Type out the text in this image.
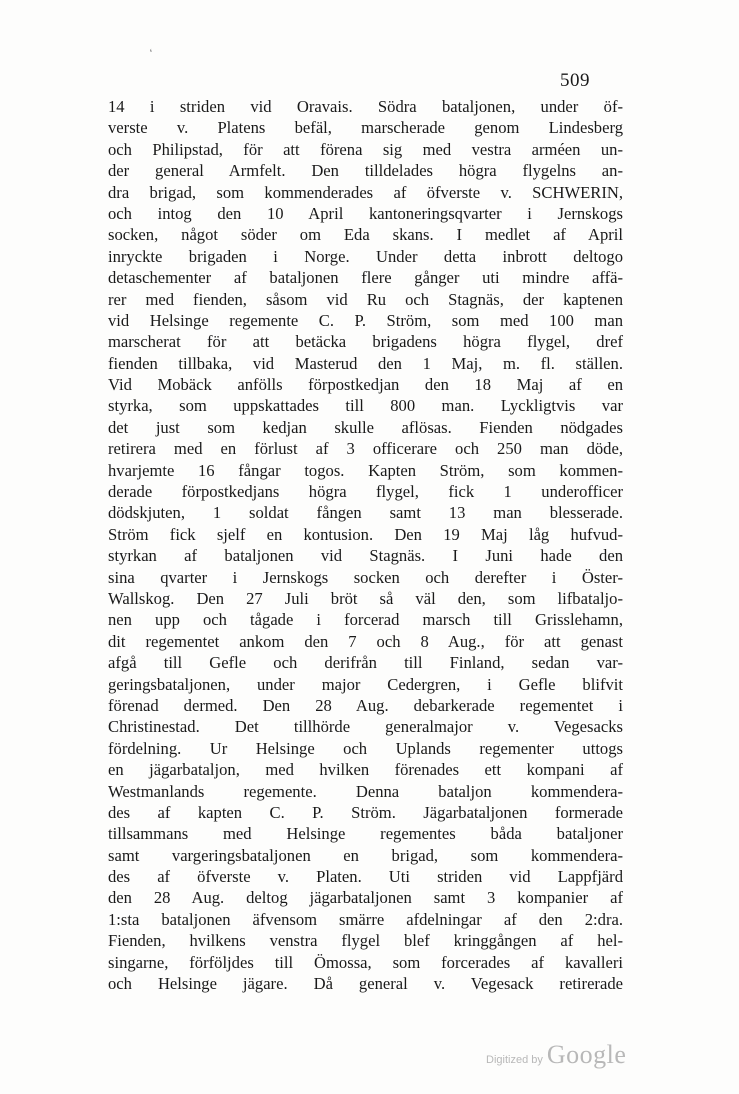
ʻ
509
14 i striden vid Oravais. Södra bataljonen, under öf-
verste v. Platens befäl, marscherade genom Lindesberg
och Philipstad, för att förena sig med vestra arméen un-
der general Armfelt. Den tilldelades högra flygelns an-
dra brigad, som kommenderades af öfverste v. SCHWERIN,
och intog den 10 April kantoneringsqvarter i Jernskogs
socken, något söder om Eda skans. I medlet af April
inryckte brigaden i Norge. Under detta inbrott deltogo
detaschementer af bataljonen flere gånger uti mindre affä-
rer med fienden, såsom vid Ru och Stagnäs, der kaptenen
vid Helsinge regemente C. P. Ström, som med 100 man
marscherat för att betäcka brigadens högra flygel, dref
fienden tillbaka, vid Masterud den 1 Maj, m. fl. ställen.
Vid Mobäck anfölls förpostkedjan den 18 Maj af en
styrka, som uppskattades till 800 man. Lyckligtvis var
det just som kedjan skulle aflösas. Fienden nödgades
retirera med en förlust af 3 officerare och 250 man döde,
hvarjemte 16 fångar togos. Kapten Ström, som kommen-
derade förpostkedjans högra flygel, fick 1 underofficer
dödskjuten, 1 soldat fången samt 13 man blesserade.
Ström fick sjelf en kontusion. Den 19 Maj låg hufvud-
styrkan af bataljonen vid Stagnäs. I Juni hade den
sina qvarter i Jernskogs socken och derefter i Öster-
Wallskog. Den 27 Juli bröt så väl den, som lifbataljo-
nen upp och tågade i forcerad marsch till Grisslehamn,
dit regementet ankom den 7 och 8 Aug., för att genast
afgå till Gefle och derifrån till Finland, sedan var-
geringsbataljonen, under major Cedergren, i Gefle blifvit
förenad dermed. Den 28 Aug. debarkerade regementet i
Christinestad. Det tillhörde generalmajor v. Vegesacks
fördelning. Ur Helsinge och Uplands regementer uttogs
en jägarbataljon, med hvilken förenades ett kompani af
Westmanlands regemente. Denna bataljon kommendera-
des af kapten C. P. Ström. Jägarbataljonen formerade
tillsammans med Helsinge regementes båda bataljoner
samt vargeringsbataljonen en brigad, som kommendera-
des af öfverste v. Platen. Uti striden vid Lappfjärd
den 28 Aug. deltog jägarbataljonen samt 3 kompanier af
1:sta bataljonen äfvensom smärre afdelningar af den 2:dra.
Fienden, hvilkens venstra flygel blef kringgången af hel-
singarne, förföljdes till Ömossa, som forcerades af kavalleri
och Helsinge jägare. Då general v. Vegesack retirerade
Digitized by Google
